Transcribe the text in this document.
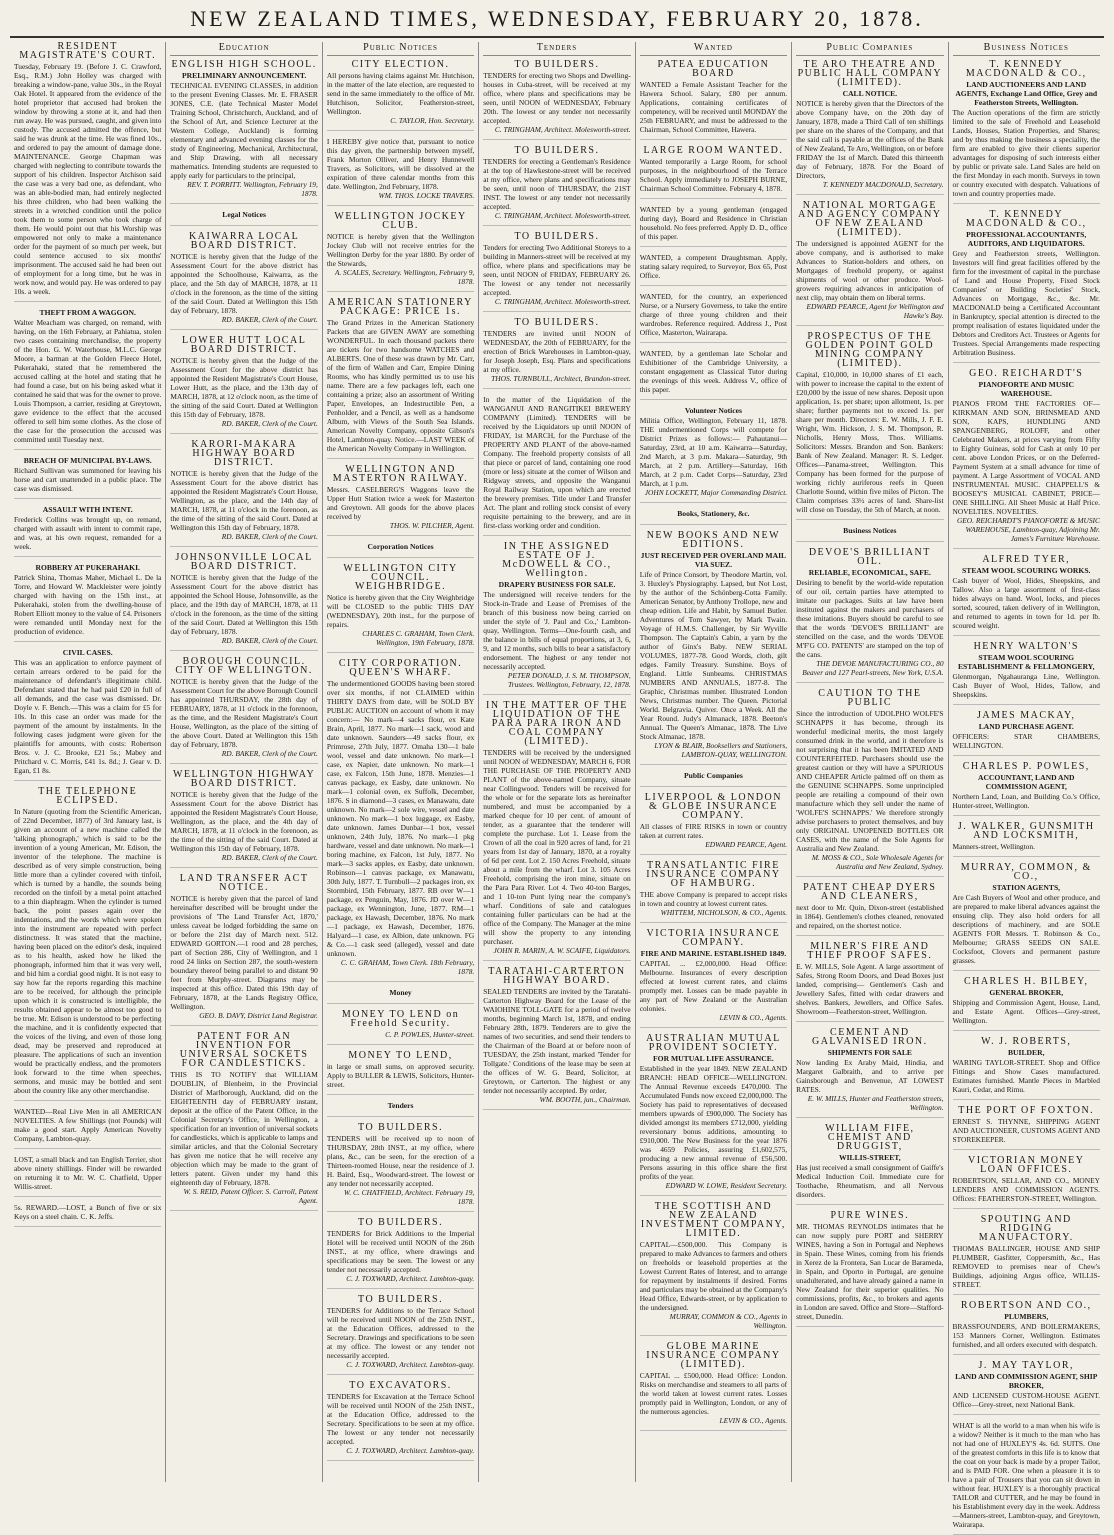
NEW ZEALAND TIMES, WEDNESDAY, FEBRUARY 20, 1878.
RESIDENT MAGISTRATE'S COURT.
Tuesday, February 19. (Before J. C. Crawford, Esq., R.M.) John Holley was charged with breaking a window-pane, value 30s., in the Royal Oak Hotel. It appeared from the evidence of the hotel proprietor that accused had broken the window by throwing a stone at it, and had then run away. He was pursued, caught, and given into custody. The accused admitted the offence, but said he was drunk at the time. He was fined 10s., and ordered to pay the amount of damage done. MAINTENANCE. George Chapman was charged with neglecting to contribute towards the support of his children. Inspector Atchison said the case was a very bad one, as defendant, who was an able-bodied man, had entirely neglected his three children, who had been walking the streets in a wretched condition until the police took them to some person who took charge of them. He would point out that his Worship was empowered not only to make a maintenance order for the payment of so much per week, but could sentence accused to six months' imprisonment. The accused said he had been out of employment for a long time, but he was in work now, and would pay. He was ordered to pay 10s. a week.
THEFT FROM A WAGGON.
Walter Meacham was charged, on remand, with having, on the 16th February, at Pahiatua, stolen two cases containing merchandise, the property of the Hon. G. W. Waterhouse, M.L.C. George Moore, a barman at the Golden Fleece Hotel, Pukerahaki, stated that he remembered the accused calling at the hotel and stating that he had found a case, but on his being asked what it contained he said that was for the owner to prove. Louis Thompson, a carrier, residing at Greytown, gave evidence to the effect that the accused offered to sell him some clothes. As the close of the case for the prosecution the accused was committed until Tuesday next.
BREACH OF MUNICIPAL BY-LAWS.
Richard Sullivan was summoned for leaving his horse and cart unattended in a public place. The case was dismissed.
ASSAULT WITH INTENT.
Frederick Collins was brought up, on remand, charged with assault with intent to commit rape, and was, at his own request, remanded for a week.
ROBBERY AT PUKERAHAKI.
Patrick Shina, Thomas Maher, Michael L. De la Torre, and Howard W. Mackleister were jointly charged with having on the 15th inst., at Pukerahaki, stolen from the dwelling-house of Robert Elliott money to the value of £4. Prisoners were remanded until Monday next for the production of evidence.
CIVIL CASES.
This was an application to enforce payment of certain arrears ordered to be paid for the maintenance of defendant's illegitimate child. Defendant stated that he had paid £20 in full of all demands, and the case was dismissed. Dr. Doyle v. F. Bench.—This was a claim for £5 for 10s. In this case an order was made for the payment of the amount by instalments. In the following cases judgment were given for the plaintiffs for amounts, with costs: Robertson Bros. v. J. C. Brooke, £21 5s.; Mabey and Pritchard v. C. Morris, £41 1s. 8d.; J. Gear v. D. Egan, £1 8s.
THE TELEPHONE ECLIPSED.
In Nature (quoting from the Scientific American, of 22nd December, 1877) of 3rd January last, is given an account of a new machine called the 'talking phonograph,' which is said to be the invention of a young American, Mr. Edison, the inventor of the telephone. The machine is described as of very simple construction, being little more than a cylinder covered with tinfoil, which is turned by a handle, the sounds being recorded on the tinfoil by a metal point attached to a thin diaphragm. When the cylinder is turned back, the point passes again over the indentations, and the words which were spoken into the instrument are repeated with perfect distinctness. It was stated that the machine, having been placed on the editor's desk, inquired as to his health, asked how he liked the phonograph, informed him that it was very well, and bid him a cordial good night. It is not easy to say how far the reports regarding this machine are to be received, for although the principle upon which it is constructed is intelligible, the results obtained appear to be almost too good to be true. Mr. Edison is understood to be perfecting the machine, and it is confidently expected that the voices of the living, and even of those long dead, may be preserved and reproduced at pleasure. The applications of such an invention would be practically endless, and the promoters look forward to the time when speeches, sermons, and music may be bottled and sent about the country like any other merchandise.
WANTED—Real Live Men in all AMERICAN NOVELTIES. A few Shillings (not Pounds) will make a good start. Apply American Novelty Company, Lambton-quay.
LOST, a small black and tan English Terrier, shot above ninety shillings. Finder will be rewarded on returning it to Mr. W. C. Chatfield, Upper Willis-street.
5s. REWARD.—LOST, a Bunch of five or six Keys on a steel chain. C. K. Jeffs.
Education
ENGLISH HIGH SCHOOL.
PRELIMINARY ANNOUNCEMENT.
TECHNICAL EVENING CLASSES, in addition to the present Evening Classes. Mr. E. FRASER JONES, C.E. (late Technical Master Model Training School, Christchurch, Auckland, and of the School of Art, and Science Lecturer at the Western College, Auckland) is forming elementary and advanced evening classes for the study of Engineering, Mechanical, Architectural, and Ship Drawing, with all necessary mathematics. Intending students are requested to apply early for particulars to the principal,
REV. T. PORRITT. Wellington, February 19, 1878.
Legal Notices
KAIWARRA LOCAL BOARD DISTRICT.
NOTICE is hereby given that the Judge of the Assessment Court for the above district has appointed the Schoolhouse, Kaiwarra, as the place, and the 5th day of MARCH, 1878, at 11 o'clock in the forenoon, as the time of the sitting of the said Court. Dated at Wellington this 15th day of February, 1878.
RD. BAKER, Clerk of the Court.
LOWER HUTT LOCAL BOARD DISTRICT.
NOTICE is hereby given that the Judge of the Assessment Court for the above district has appointed the Resident Magistrate's Court House, Lower Hutt, as the place, and the 13th day of MARCH, 1878, at 12 o'clock noon, as the time of the sitting of the said Court. Dated at Wellington this 15th day of February, 1878.
RD. BAKER, Clerk of the Court.
KARORI-MAKARA HIGHWAY BOARD DISTRICT.
NOTICE is hereby given that the Judge of the Assessment Court for the above district has appointed the Resident Magistrate's Court House, Wellington, as the place, and the 14th day of MARCH, 1878, at 11 o'clock in the forenoon, as the time of the sitting of the said Court. Dated at Wellington this 15th day of February, 1878.
RD. BAKER, Clerk of the Court.
JOHNSONVILLE LOCAL BOARD DISTRICT.
NOTICE is hereby given that the Judge of the Assessment Court for the above district has appointed the School House, Johnsonville, as the place, and the 19th day of MARCH, 1878, at 11 o'clock in the forenoon, as the time of the sitting of the said Court. Dated at Wellington this 15th day of February, 1878.
RD. BAKER, Clerk of the Court.
BOROUGH COUNCIL. CITY OF WELLINGTON.
NOTICE is hereby given that the Judge of the Assessment Court for the above Borough Council has appointed THURSDAY, the 28th day of FEBRUARY, 1878, at 11 o'clock in the forenoon, as the time, and the Resident Magistrate's Court House, Wellington, as the place of the sitting of the above Court. Dated at Wellington this 15th day of February, 1878.
RD. BAKER, Clerk of the Court.
WELLINGTON HIGHWAY BOARD DISTRICT.
NOTICE is hereby given that the Judge of the Assessment Court for the above District has appointed the Resident Magistrate's Court House, Wellington, as the place, and the 4th day of MARCH, 1878, at 11 o'clock in the forenoon, as the time of the sitting of the said Court. Dated at Wellington this 15th day of February, 1878.
RD. BAKER, Clerk of the Court.
LAND TRANSFER ACT NOTICE.
NOTICE is hereby given that the parcel of land hereinafter described will be brought under the provisions of 'The Land Transfer Act, 1870,' unless caveat be lodged forbidding the same on or before the 21st day of March next. 512. EDWARD GORTON.—1 rood and 28 perches, part of Section 286, City of Wellington, and 1 rood 24 links on Section 287, the south-western boundary thereof being parallel to and distant 90 feet from Murphy-street. Diagrams may be inspected at this office. Dated this 19th day of February, 1878, at the Lands Registry Office, Wellington.
GEO. B. DAVY, District Land Registrar.
PATENT FOR AN INVENTION FOR UNIVERSAL SOCKETS FOR CANDLESTICKS.
THIS IS TO NOTIFY that WILLIAM DOUBLIN, of Blenheim, in the Provincial District of Marlborough, Auckland, did on the EIGHTEENTH day of FEBRUARY instant, deposit at the office of the Patent Office, in the Colonial Secretary's Office, in Wellington, a specification for an invention of universal sockets for candlesticks, which is applicable to lamps and similar articles, and that the Colonial Secretary has given me notice that he will receive any objection which may be made to the grant of letters patent. Given under my hand this eighteenth day of February, 1878.
W. S. REID, Patent Officer. S. Carroll, Patent Agent.
Public Notices
CITY ELECTION.
All persons having claims against Mr. Hutchison, in the matter of the late election, are requested to send in the same immediately to the office of Mr. Hutchison, Solicitor, Featherston-street, Wellington.
C. TAYLOR, Hon. Secretary.
I HEREBY give notice that, pursuant to notice this day given, the partnership between myself, Frank Morton Olliver, and Henry Hunnewell Travers, as Solicitors, will be dissolved at the expiration of three calendar months from this date. Wellington, 2nd February, 1878.
WM. THOS. LOCKE TRAVERS.
WELLINGTON JOCKEY CLUB.
NOTICE is hereby given that the Wellington Jockey Club will not receive entries for the Wellington Derby for the year 1880. By order of the Stewards,
A. SCALES, Secretary. Wellington, February 9, 1878.
AMERICAN STATIONERY PACKAGE: PRICE 1s.
The Grand Prizes in the American Stationery Packets that are GIVEN AWAY are something WONDERFUL. In each thousand packets there are tickets for two handsome WATCHES and ALBERTS. One of these was drawn by Mr. Carr, of the firm of Wallen and Carr, Empire Dining Rooms, who has kindly permitted us to use his name. There are a few packages left, each one containing a prize; also an assortment of Writing Paper, Envelopes, an Indestructible Pen, a Penholder, and a Pencil, as well as a handsome Album, with Views of the South Sea Islands. American Novelty Company, opposite Gibson's Hotel, Lambton-quay. Notice.—LAST WEEK of the American Novelty Company in Wellington.
WELLINGTON AND MASTERTON RAILWAY.
Messrs. CASELBERG'S Waggons leave the Upper Hutt Station twice a week for Masterton and Greytown. All goods for the above places received by
THOS. W. PILCHER, Agent.
Corporation Notices
WELLINGTON CITY COUNCIL. WEIGHBRIDGE.
Notice is hereby given that the City Weighbridge will be CLOSED to the public THIS DAY (WEDNESDAY), 20th inst., for the purpose of repairs.
CHARLES C. GRAHAM, Town Clerk. Wellington, 19th February, 1878.
CITY CORPORATION. QUEEN'S WHARF.
The undermentioned GOODS having been stored over six months, if not CLAIMED within THIRTY DAYS from date, will be SOLD BY PUBLIC AUCTION on account of whom it may concern:— No mark—4 sacks flour, ex Kate Brain, April, 1877. No mark—1 sack, wood and date unknown. Saunders—49 sacks flour, ex Primrose, 27th July, 1877. Omaha 130—1 bale wool, vessel and date unknown. No mark—1 case, ex Napier, date unknown. No mark—1 case, ex Falcon, 15th June, 1878. Menzies—1 canvas package, ex Easby, date unknown. No mark—1 colonial oven, ex Suffolk, December, 1876. S in diamond—3 cases, ex Manawatu, date unknown. No mark—2 sole wire, vessel and date unknown. No mark—1 box luggage, ex Easby, date unknown. James Dunbar—1 box, vessel unknown, 24th July, 1876. No mark—1 pkg hardware, vessel and date unknown. No mark—1 boring machine, ex Falcon, 1st July, 1877. No mark—3 sacks apples, ex Easby, date unknown. Robinson—1 canvas package, ex Manawatu, 30th July, 1877. T. Turnbull—2 packages iron, ex Stormbird, 15th February, 1877. RB over W—1 package, ex Penguin, May, 1876. JD over W—1 package, ex Wennington, June, 1877. RM—1 package, ex Hawash, December, 1876. No mark—1 package, ex Hawash, December, 1876. Halyard—1 case, ex Albion, date unknown. FG & Co.—1 cask seed (alleged), vessel and date unknown.
C. C. GRAHAM, Town Clerk. 18th February, 1878.
Money
MONEY TO LEND on Freehold Security.
C. P. POWLES, Hunter-street.
MONEY TO LEND,
in large or small sums, on approved security. Apply to BULLER & LEWIS, Solicitors, Hunter-street.
Tenders
TO BUILDERS.
TENDERS will be received up to noon of THURSDAY, 28th INST., at my office, where plans, &c., can be seen, for the erection of a Thirteen-roomed House, near the residence of J. H. Baird, Esq., Woodward-street. The lowest or any tender not necessarily accepted.
W. C. CHATFIELD, Architect. February 19, 1878.
TO BUILDERS.
TENDERS for Brick Additions to the Imperial Hotel will be received until NOON of the 26th INST., at my office, where drawings and specifications may be seen. The lowest or any tender not necessarily accepted.
C. J. TOXWARD, Architect. Lambton-quay.
TO BUILDERS.
TENDERS for Additions to the Terrace School will be received until NOON of the 25th INST., at the Education Offices, addressed to the Secretary. Drawings and specifications to be seen at my office. The lowest or any tender not necessarily accepted.
C. J. TOXWARD, Architect. Lambton-quay.
TO EXCAVATORS.
TENDERS for Excavation at the Terrace School will be received until NOON of the 25th INST., at the Education Office, addressed to the Secretary. Specifications to be seen at my office. The lowest or any tender not necessarily accepted.
C. J. TOXWARD, Architect. Lambton-quay.
Tenders
TO BUILDERS.
TENDERS for erecting two Shops and Dwelling-houses in Cuba-street, will be received at my office, where plans and specifications may be seen, until NOON of WEDNESDAY, February 20th. The lowest or any tender not necessarily accepted.
C. TRINGHAM, Architect. Molesworth-street.
TO BUILDERS.
TENDERS for erecting a Gentleman's Residence at the top of Hawkestone-street will be received at my office, where plans and specifications may be seen, until noon of THURSDAY, the 21ST INST. The lowest or any tender not necessarily accepted.
C. TRINGHAM, Architect. Molesworth-street.
TO BUILDERS.
Tenders for erecting Two Additional Storeys to a building in Manners-street will be received at my office, where plans and specifications may be seen, until NOON of FRIDAY, FEBRUARY 26. The lowest or any tender not necessarily accepted.
C. TRINGHAM, Architect. Molesworth-street.
TO BUILDERS.
TENDERS are invited until NOON of WEDNESDAY, the 20th of FEBRUARY, for the erection of Brick Warehouses in Lambton-quay, for Joseph Joseph, Esq. Plans and specifications at my office.
THOS. TURNBULL, Architect, Brandon-street.
In the matter of the Liquidation of the WANGANUI AND RANGITIKEI BREWERY COMPANY (Limited). TENDERS will be received by the Liquidators up until NOON of FRIDAY, 1st MARCH, for the Purchase of the PROPERTY AND PLANT of the above-named Company. The freehold property consists of all that piece or parcel of land, containing one rood (more or less) situate at the corner of Wilson and Ridgway streets, and opposite the Wanganui Royal Railway Station, upon which are erected the brewery premises. Title under Land Transfer Act. The plant and rolling stock consist of every requisite pertaining to the brewery, and are in first-class working order and condition.
IN THE ASSIGNED ESTATE OF J. McDOWELL & CO., Wellington.
DRAPERY BUSINESS FOR SALE.
The undersigned will receive tenders for the Stock-in-Trade and Lease of Premises of the branch of this business now being carried on under the style of 'J. Paul and Co.,' Lambton-quay, Wellington. Terms—One-fourth cash, and the balance in bills of equal proportions, at 3, 6, 9, and 12 months, such bills to bear a satisfactory endorsement. The highest or any tender not necessarily accepted.
PETER DONALD, J. S. M. THOMPSON, Trustees. Wellington, February, 12, 1878.
IN THE MATTER OF THE LIQUIDATION OF THE PARA PARA IRON AND COAL COMPANY (LIMITED).
TENDERS will be received by the undersigned until NOON of WEDNESDAY, MARCH 6, FOR THE PURCHASE OF THE PROPERTY AND PLANT of the above-named Company, situate near Collingwood. Tenders will be received for the whole or for the separate lots as hereinafter numbered, and must be accompanied by a marked cheque for 10 per cent. of amount of tender, as a guarantee that the tenderer will complete the purchase. Lot 1. Lease from the Crown of all the coal in 920 acres of land, for 21 years from 1st day of January, 1870, at a royalty of 6d per cent. Lot 2. 150 Acres Freehold, situate about a mile from the wharf. Lot 3. 105 Acres Freehold, comprising the iron mine, situate on the Para Para River. Lot 4. Two 40-ton Barges, and 1 10-ton Punt lying near the company's wharf. Conditions of sale and catalogues containing fuller particulars can be had at the office of the Company. The Manager at the mine will show the property to any intending purchaser.
JOHN R. MARIN, A. W. SCAIFE, Liquidators.
TARATAHI-CARTERTON HIGHWAY BOARD.
SEALED TENDERS are invited by the Taratahi-Carterton Highway Board for the Lease of the WAIOHINE TOLL-GATE for a period of twelve months, beginning March 1st, 1878, and ending February 28th, 1879. Tenderers are to give the names of two securities, and send their tenders to the Chairman of the Board at or before noon of TUESDAY, the 25th instant, marked 'Tender for Tollgate.' Conditions of the lease may be seen at the offices of W. G. Beard, Solicitor, at Greytown, or Carterton. The highest or any tender not necessarily accepted. By order,
WM. BOOTH, jun., Chairman.
Wanted
PATEA EDUCATION BOARD
WANTED a Female Assistant Teacher for the Hawera School. Salary, £80 per annum. Applications, containing certificates of competency, will be received until MONDAY the 25th FEBRUARY, and must be addressed to the Chairman, School Committee, Hawera.
LARGE ROOM WANTED.
Wanted temporarily a Large Room, for school purposes, in the neighbourhood of the Terrace School. Apply immediately to JOSEPH BURNE, Chairman School Committee. February 4, 1878.
WANTED by a young gentleman (engaged during day), Board and Residence in Christian household. No fees preferred. Apply D. D., office of this paper.
WANTED, a competent Draughtsman. Apply, stating salary required, to Surveyor, Box 65, Post Office.
WANTED, for the country, an experienced Nurse, or a Nursery Governess, to take the entire charge of three young children and their wardrobes. Reference required. Address J., Post Office, Masterton, Wairarapa.
WANTED, by a gentleman late Scholar and Exhibitioner of the Cambridge University, a constant engagement as Classical Tutor during the evenings of this week. Address V., office of this paper.
Volunteer Notices
Militia Office, Wellington, February 11, 1878. THE undermentioned Corps will compete for District Prizes as follows:— Pahautanui—Saturday, 23rd, at 10 a.m. Kaiwarra—Saturday, 2nd March, at 3 p.m. Makara—Saturday, 9th March, at 2 p.m. Artillery—Saturday, 16th March, at 2 p.m. Cadet Corps—Saturday, 23rd March, at 1 p.m.
JOHN LOCKETT, Major Commanding District.
Books, Stationery, &c.
NEW BOOKS AND NEW EDITIONS.
JUST RECEIVED PER OVERLAND MAIL VIA SUEZ.
Life of Prince Consort, by Theodore Martin, vol. 3. Huxley's Physiography. Lapsed, but Not Lost, by the author of the Schönberg-Cotta Family. American Senator, by Anthony Trollope, new and cheap edition. Life and Habit, by Samuel Butler. Adventures of Tom Sawyer, by Mark Twain. Voyage of H.M.S. Challenger, by Sir Wyville Thompson. The Captain's Cabin, a yarn by the author of Ginx's Baby. NEW SERIAL VOLUMES, 1877-78. Good Words, cloth, gilt edges. Family Treasury. Sunshine. Boys of England. Little Sunbeams. CHRISTMAS NUMBERS AND ANNUALS, 1877-8. The Graphic, Christmas number. Illustrated London News, Christmas number. The Queen. Pictorial World. Belgravia. Quiver. Once a Week. All the Year Round. Judy's Almanack, 1878. Beeton's Annual. The Queen's Almanac, 1878. The Live Stock Almanac, 1878.
LYON & BLAIR, Booksellers and Stationers, LAMBTON-QUAY, WELLINGTON.
Public Companies
LIVERPOOL & LONDON & GLOBE INSURANCE COMPANY.
All classes of FIRE RISKS in town or country taken at current rates.
EDWARD PEARCE, Agent.
TRANSATLANTIC FIRE INSURANCE COMPANY OF HAMBURG.
THE above Company is prepared to accept risks in town and country at lowest current rates.
WHITTEM, NICHOLSON, & CO., Agents.
VICTORIA INSURANCE COMPANY.
FIRE AND MARINE. ESTABLISHED 1849.
CAPITAL ... £2,000,000. Head Office: Melbourne. Insurances of every description effected at lowest current rates, and claims promptly met. Losses can be made payable in any part of New Zealand or the Australian colonies.
LEVIN & CO., Agents.
AUSTRALIAN MUTUAL PROVIDENT SOCIETY.
FOR MUTUAL LIFE ASSURANCE.
Established in the year 1849. NEW ZEALAND BRANCH: HEAD OFFICE—WELLINGTON. The Annual Revenue exceeds £470,000. The Accumulated Funds now exceed £2,000,000. The Society has paid to representatives of deceased members upwards of £900,000. The Society has divided amongst its members £712,000, yielding reversionary bonus additions, amounting to £910,000. The New Business for the year 1876 was 4659 Policies, assuring £1,602,575, producing a new annual revenue of £56,500. Persons assuring in this office share the first profits of the year.
EDWARD W. LOWE, Resident Secretary.
THE SCOTTISH AND NEW ZEALAND INVESTMENT COMPANY, LIMITED.
CAPITAL—£500,000. This Company is prepared to make Advances to farmers and others on freeholds or leasehold properties at the Lowest Current Rates of Interest, and to arrange for repayment by instalments if desired. Forms and particulars may be obtained at the Company's Head Office, Edwards-street, or by application to the undersigned.
MURRAY, COMMON & CO., Agents in Wellington.
GLOBE MARINE INSURANCE COMPANY (LIMITED).
CAPITAL ... £500,000. Head Office: London. Risks on merchandise and steamers to all parts of the world taken at lowest current rates. Losses promptly paid in Wellington, London, or any of the numerous agencies.
LEVIN & CO., Agents.
Public Companies
TE ARO THEATRE AND PUBLIC HALL COMPANY (LIMITED).
CALL NOTICE.
NOTICE is hereby given that the Directors of the above Company have, on the 20th day of January, 1878, made a Third Call of ten shillings per share on the shares of the Company, and that the said call is payable at the offices of the Bank of New Zealand, Te Aro, Wellington, on or before FRIDAY the 1st of March. Dated this thirteenth day of February, 1878. For the Board of Directors,
T. KENNEDY MACDONALD, Secretary.
NATIONAL MORTGAGE AND AGENCY COMPANY OF NEW ZEALAND (LIMITED).
The undersigned is appointed AGENT for the above company, and is authorised to make Advances to Station-holders and others, on Mortgages of freehold property, or against shipments of wool or other produce. Wool-growers requiring advances in anticipation of next clip, may obtain them on liberal terms.
EDWARD PEARCE, Agent for Wellington and Hawke's Bay.
PROSPECTUS OF THE GOLDEN POINT GOLD MINING COMPANY (LIMITED).
Capital, £10,000, in 10,000 shares of £1 each, with power to increase the capital to the extent of £20,000 by the issue of new shares. Deposit upon application, 1s. per share; upon allotment, 1s. per share; further payments not to exceed 1s. per share per month. Directors: E. W. Mills, J. F. E. Wright, Wm. Hickson, J. S. M. Thompson, R. Nicholls, Henry Moss, Thos. Williams. Solicitors: Messrs. Brandon and Son. Bankers: Bank of New Zealand. Manager: R. S. Ledger. Offices—Panama-street, Wellington. This Company has been formed for the purpose of working richly auriferous reefs in Queen Charlotte Sound, within five miles of Picton. The Claim comprises 33½ acres of land. Share-list will close on Tuesday, the 5th of March, at noon.
Business Notices
DEVOE'S BRILLIANT OIL.
RELIABLE, ECONOMICAL, SAFE.
Desiring to benefit by the world-wide reputation of our oil, certain parties have attempted to imitate our packages. Suits at law have been instituted against the makers and purchasers of these imitations. Buyers should be careful to see that the words 'DEVOE'S BRILLIANT' are stencilled on the case, and the words 'DEVOE M'F'G CO. PATENTS' are stamped on the top of the cans.
THE DEVOE MANUFACTURING CO., 80 Beaver and 127 Pearl-streets, New York, U.S.A.
CAUTION TO THE PUBLIC
Since the introduction of UDOLPHO WOLFE'S SCHNAPPS it has become, through its wonderful medicinal merits, the most largely consumed drink in the world, and it therefore is not surprising that it has been IMITATED AND COUNTERFEITED. Purchasers should use the greatest caution or they will have a SPURIOUS AND CHEAPER Article palmed off on them as the GENUINE SCHNAPPS. Some unprincipled people are retailing a compound of their own manufacture which they sell under the name of 'WOLFE'S SCHNAPPS.' We therefore strongly advise purchasers to protect themselves, and buy only ORIGINAL UNOPENED BOTTLES OR CASES, with the name of the Sole Agents for Australia and New Zealand.
M. MOSS & CO., Sole Wholesale Agents for Australia and New Zealand, Sydney.
PATENT CHEAP DYERS AND CLEANERS,
next door to Mr. Quin, Dixon-street (established in 1864). Gentlemen's clothes cleaned, renovated and repaired, on the shortest notice.
MILNER'S FIRE AND THIEF PROOF SAFES.
E. W. MILLS, Sole Agent. A large assortment of Safes, Strong Room Doors, and Dead Boxes just landed, comprising— Gentlemen's Cash and Jewellery Safes, fitted with cedar drawers and shelves. Bankers, Jewellers, and Office Safes. Showroom—Featherston-street, Wellington.
CEMENT AND GALVANISED IRON.
SHIPMENTS FOR SALE
Now landing Ex Araby Maid, Hindia, and Margaret Galbraith, and to arrive per Gainsborough and Benvenue, AT LOWEST RATES.
E. W. MILLS, Hunter and Featherston streets, Wellington.
WILLIAM FIFE, CHEMIST AND DRUGGIST,
WILLIS-STREET,
Has just received a small consignment of Gaiffe's Medical Induction Coil. Immediate cure for Toothache, Rheumatism, and all Nervous disorders.
PURE WINES.
MR. THOMAS REYNOLDS intimates that he can now supply pure PORT and SHERRY WINES, having a Son in Portugal and Nephews in Spain. These Wines, coming from his friends in Xerez de la Frontera, San Lucar de Barameda, in Spain, and Oporto in Portugal, are genuine unadulterated, and have already gained a name in New Zealand for their superior qualities. No commissions, profits, &c., to brokers and agents in London are saved. Office and Store—Stafford-street, Dunedin.
Business Notices
T. KENNEDY MACDONALD & CO.,
LAND AUCTIONEERS AND LAND AGENTS, Exchange Land Office, Grey and Featherston Streets, Wellington.
The Auction operations of the firm are strictly limited to the sale of Freehold and Leasehold Lands, Houses, Station Properties, and Shares; and by thus making the business a speciality, the firm are enabled to give their clients superior advantages for disposing of such interests either by public or private sale. Land Sales are held on the first Monday in each month. Surveys in town or country executed with despatch. Valuations of town and country properties made.
T. KENNEDY MACDONALD & CO.,
PROFESSIONAL ACCOUNTANTS, AUDITORS, AND LIQUIDATORS.
Grey and Featherston streets, Wellington. Investors will find great facilities offered by the firm for the investment of capital in the purchase of Land and House Property, Fixed Stock Companies' or Building Societies' Stock, Advances on Mortgage, &c., &c. Mr. MACDONALD being a Certificated Accountant in Bankruptcy, special attention is directed to the prompt realisation of estates liquidated under the Debtors and Creditors Act. Trustees or Agents for Trustees. Special Arrangements made respecting Arbitration Business.
GEO. REICHARDT'S
PIANOFORTE AND MUSIC WAREHOUSE.
PIANOS FROM THE FACTORIES OF— KIRKMAN AND SON, BRINSMEAD AND SON, KAPS, HUNDLING AND SPANGENBERG, ROLOFF, and other Celebrated Makers, at prices varying from Fifty to Eighty Guineas, sold for Cash at only 10 per cent. above London Prices, or on the Deferred-Payment System at a small advance for time of payment. A Large Assortment of VOCAL AND INSTRUMENTAL MUSIC. CHAPPELL'S & BOOSEY'S MUSICAL CABINET, PRICE—ONE SHILLING. All Sheet Music at Half Price. NOVELTIES. NOVELTIES.
GEO. REICHARDT'S PIANOFORTE & MUSIC WAREHOUSE, Lambton-quay, Adjoining Mr. James's Furniture Warehouse.
ALFRED TYER,
STEAM WOOL SCOURING WORKS.
Cash buyer of Wool, Hides, Sheepskins, and Tallow. Also a large assortment of first-class hides always on hand. Wool, locks, and pieces sorted, scoured, taken delivery of in Wellington, and returned to agents in town for 1d. per lb. scoured weight.
HENRY WALTON'S
STEAM WOOL SCOURING ESTABLISHMENT & FELLMONGERY,
Glenmorgan, Ngahauranga Line, Wellington. Cash Buyer of Wool, Hides, Tallow, and Sheepskins.
JAMES MACKAY,
LAND PURCHASE AGENT.
OFFICERS: STAR CHAMBERS, WELLINGTON.
CHARLES P. POWLES,
ACCOUNTANT, LAND AND COMMISSION AGENT,
Northern Land, Loan, and Building Co.'s Office, Hunter-street, Wellington.
J. WALKER, GUNSMITH AND LOCKSMITH,
Manners-street, Wellington.
MURRAY, COMMON, & CO.,
STATION AGENTS,
Are Cash Buyers of Wool and other produce, and are prepared to make liberal advances against the ensuing clip. They also hold orders for all descriptions of machinery, and are SOLE AGENTS FOR Messrs. T. Robinson & Co., Melbourne; GRASS SEEDS ON SALE. Cocksfoot, Clovers and permanent pasture grasses.
CHARLES H. BILBEY,
GENERAL BROKER,
Shipping and Commission Agent, House, Land, and Estate Agent. Offices—Grey-street, Wellington.
W. J. ROBERTS,
BUILDER,
WARING TAYLOR-STREET. Shop and Office Fittings and Show Cases manufactured. Estimates furnished. Mantle Pieces in Marbled Kauri, Cedar, and Rimu.
THE PORT OF FOXTON.
ERNEST S. THYNNE, SHIPPING AGENT AND AUCTIONEER, CUSTOMS AGENT AND STOREKEEPER.
VICTORIAN MONEY LOAN OFFICES.
ROBERTSON, SELLAR, AND CO., MONEY LENDERS AND COMMISSION AGENTS. Offices: FEATHERSTON-STREET, Wellington.
SPOUTING AND RIDGING MANUFACTORY.
THOMAS BALLINGER, HOUSE AND SHIP PLUMBER, Gasfitter, Coppersmith, &c., Has REMOVED to premises near of Chew's Buildings, adjoining Argus office, WILLIS-STREET.
ROBERTSON AND CO.,
PLUMBERS,
BRASSFOUNDERS, AND BOILERMAKERS, 153 Manners Corner, Wellington. Estimates furnished, and all orders executed with despatch.
J. MAY TAYLOR,
LAND AND COMMISSION AGENT, SHIP BROKER,
AND LICENSED CUSTOM-HOUSE AGENT. Office—Grey-street, next National Bank.
WHAT is all the world to a man when his wife is a widow? Neither is it much to the man who has not had one of HUXLEY'S 4s. 6d. SUITS. One of the greatest comforts in this life is to know that the coat on your back is made by a proper Tailor, and is PAID FOR. One when a pleasure it is to have a pair of Trousers that you can sit down in without fear. HUXLEY is a thoroughly practical TAILOR and CUTTER, and he may be found in his Establishment every day in the week. Address—Manners-street, Lambton-quay, and Greytown, Wairarapa.
